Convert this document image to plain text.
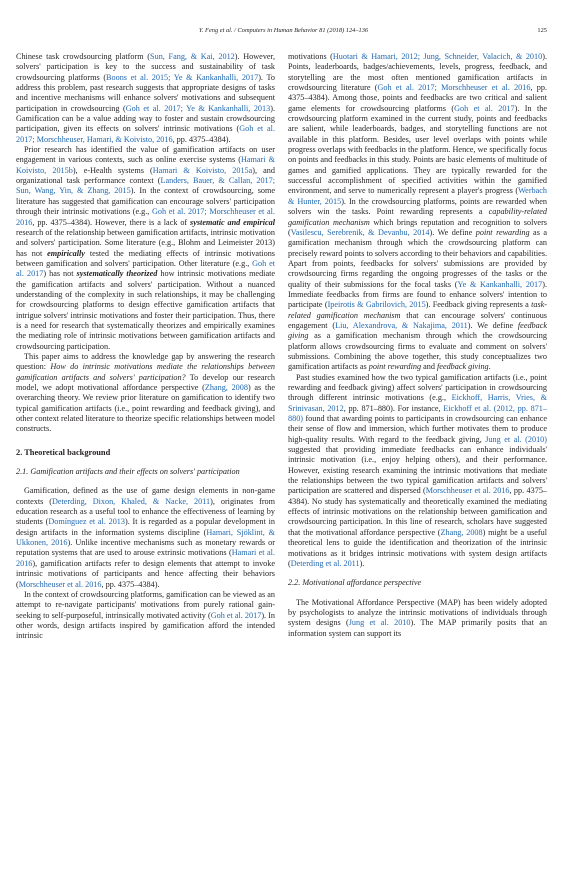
Y. Feng et al. / Computers in Human Behavior 81 (2018) 124–136	125

Chinese task crowdsourcing platform (Sun, Fang, & Kai, 2012). However, solvers' participation is key to the success and sustainability of task crowdsourcing platforms (Boons et al. 2015; Ye & Kankanhalli, 2017). To address this problem, past research suggests that appropriate designs of tasks and incentive mechanisms will enhance solvers' motivations and subsequent participation in crowdsourcing (Goh et al. 2017; Ye & Kankanhalli, 2013). Gamification can be a value adding way to foster and sustain crowdsourcing participation, given its effects on solvers' intrinsic motivations (Goh et al. 2017; Morschheuser, Hamari, & Koivisto, 2016, pp. 4375–4384).

Prior research has identified the value of gamification artifacts on user engagement in various contexts, such as online exercise systems (Hamari & Koivisto, 2015b), e-Health systems (Hamari & Koivisto, 2015a), and organizational task performance context (Landers, Bauer, & Callan, 2017; Sun, Wang, Yin, & Zhang, 2015). In the context of crowdsourcing, some literature has suggested that gamification can encourage solvers' participation through their intrinsic motivations (e.g., Goh et al. 2017; Morschheuser et al. 2016, pp. 4375–4384). However, there is a lack of systematic and empirical research of the relationship between gamification artifacts, intrinsic motivation and solvers' participation. Some literature (e.g., Blohm and Leimeister 2013) has not empirically tested the mediating effects of intrinsic motivations between gamification and solvers' participation. Other literature (e.g., Goh et al. 2017) has not systematically theorized how intrinsic motivations mediate the gamification artifacts and solvers' participation. Without a nuanced understanding of the complexity in such relationships, it may be challenging for crowdsourcing platforms to design effective gamification artifacts that intrigue solvers' intrinsic motivations and foster their participation. Thus, there is a need for research that systematically theorizes and empirically examines the mediating role of intrinsic motivations between gamification artifacts and crowdsourcing participation.

This paper aims to address the knowledge gap by answering the research question: How do intrinsic motivations mediate the relationships between gamification artifacts and solvers' participation? To develop our research model, we adopt motivational affordance perspective (Zhang, 2008) as the overarching theory. We review prior literature on gamification to identify two typical gamification artifacts (i.e., point rewarding and feedback giving), and other context related literature to theorize specific relationships between model constructs.

2. Theoretical background
2.1. Gamification artifacts and their effects on solvers' participation

Gamification, defined as the use of game design elements in non-game contexts (Deterding, Dixon, Khaled, & Nacke, 2011), originates from education research as a useful tool to enhance the effectiveness of learning by students (Domínguez et al. 2013). It is regarded as a popular development in design artifacts in the information systems discipline (Hamari, Sjöklint, & Ukkonen, 2016). Unlike incentive mechanisms such as monetary rewards or reputation systems that are used to arouse extrinsic motivations (Hamari et al. 2016), gamification artifacts refer to design elements that attempt to invoke intrinsic motivations of participants and hence affecting their behaviors (Morschheuser et al. 2016, pp. 4375–4384).

In the context of crowdsourcing platforms, gamification can be viewed as an attempt to re-navigate participants' motivations from purely rational gain-seeking to self-purposeful, intrinsically motivated activity (Goh et al. 2017). In other words, design artifacts inspired by gamification afford the intended intrinsic

motivations (Huotari & Hamari, 2012; Jung, Schneider, Valacich, & 2010). Points, leaderboards, badges/achievements, levels, progress, feedback, and storytelling are the most often mentioned gamification artifacts in crowdsourcing literature (Goh et al. 2017; Morschheuser et al. 2016, pp. 4375–4384). Among those, points and feedbacks are two critical and salient game elements for crowdsourcing platforms (Goh et al. 2017). In the crowdsourcing platform examined in the current study, points and feedbacks are salient, while leaderboards, badges, and storytelling functions are not available in this platform. Besides, user level overlaps with points while progress overlaps with feedbacks in the platform. Hence, we specifically focus on points and feedbacks in this study. Points are basic elements of multitude of games and gamified applications. They are typically rewarded for the successful accomplishment of specified activities within the gamified environment, and serve to numerically represent a player's progress (Werbach & Hunter, 2015). In the crowdsourcing platforms, points are rewarded when solvers win the tasks. Point rewarding represents a capability-related gamification mechanism which brings reputation and recognition to solvers (Vasilescu, Serebrenik, & Devanbu, 2014). We define point rewarding as a gamification mechanism through which the crowdsourcing platform can precisely reward points to solvers according to their behaviors and capabilities. Apart from points, feedbacks for solvers' submissions are provided by crowdsourcing firms regarding the ongoing progresses of the tasks or the quality of their submissions for the focal tasks (Ye & Kankanhalli, 2017). Immediate feedbacks from firms are found to enhance solvers' intention to participate (Ipeirotis & Gabrilovich, 2015). Feedback giving represents a task-related gamification mechanism that can encourage solvers' continuous engagement (Liu, Alexandrova, & Nakajima, 2011). We define feedback giving as a gamification mechanism through which the crowdsourcing platform allows crowdsourcing firms to evaluate and comment on solvers' submissions. Combining the above together, this study conceptualizes two gamification artifacts as point rewarding and feedback giving.

Past studies examined how the two typical gamification artifacts (i.e., point rewarding and feedback giving) affect solvers' participation in crowdsourcing through different intrinsic motivations (e.g., Eickhoff, Harris, Vries, & Srinivasan, 2012, pp. 871–880). For instance, Eickhoff et al. (2012, pp. 871–880) found that awarding points to participants in crowdsourcing can enhance their sense of flow and immersion, which further motivates them to produce high-quality results. With regard to the feedback giving, Jung et al. (2010) suggested that providing immediate feedbacks can enhance individuals' intrinsic motivation (i.e., enjoy helping others), and their performance. However, existing research examining the intrinsic motivations that mediate the relationships between the two typical gamification artifacts and solvers' participation are scattered and dispersed (Morschheuser et al. 2016, pp. 4375–4384). No study has systematically and theoretically examined the mediating effects of intrinsic motivations on the relationship between gamification and crowdsourcing participation. In this line of research, scholars have suggested that the motivational affordance perspective (Zhang, 2008) might be a useful theoretical lens to guide the identification and theorization of the intrinsic motivations as it bridges intrinsic motivations with system design artifacts (Deterding et al. 2011).

2.2. Motivational affordance perspective

The Motivational Affordance Perspective (MAP) has been widely adopted by psychologists to analyze the intrinsic motivations of individuals through system designs (Jung et al. 2010). The MAP primarily posits that an information system can support its
